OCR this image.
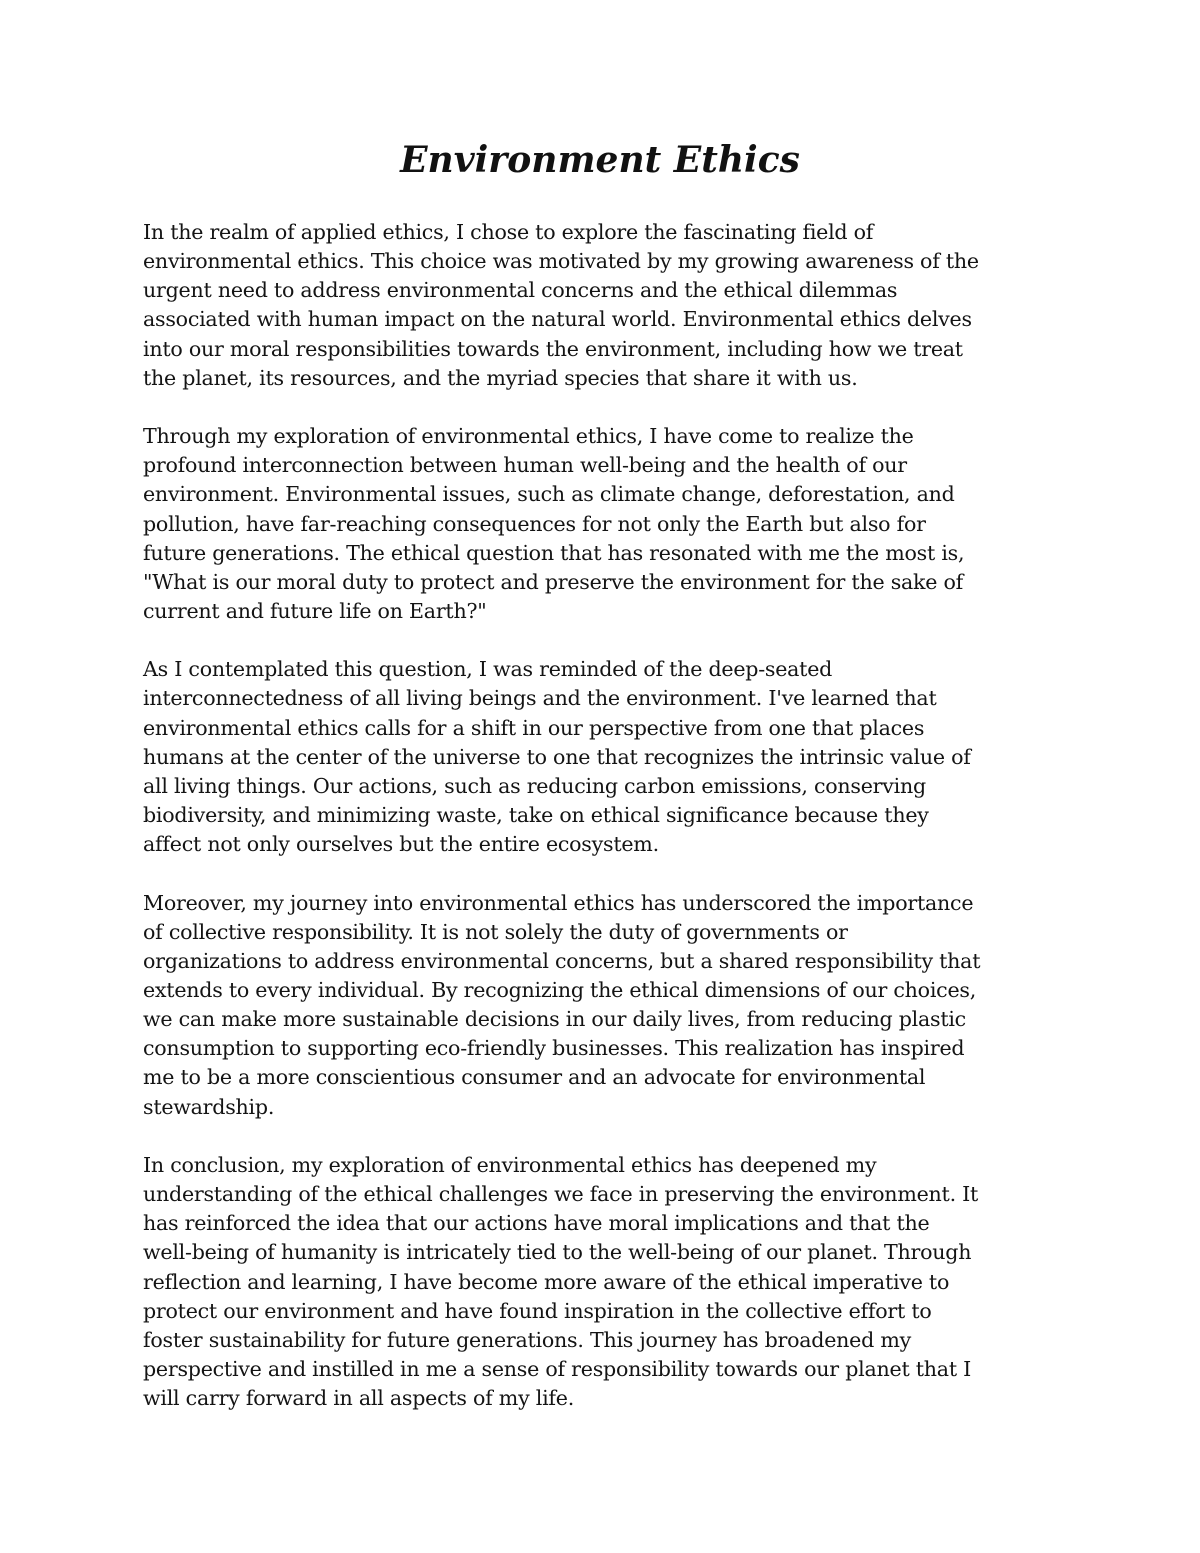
Environment Ethics

In the realm of applied ethics, I chose to explore the fascinating field of
environmental ethics. This choice was motivated by my growing awareness of the
urgent need to address environmental concerns and the ethical dilemmas
associated with human impact on the natural world. Environmental ethics delves
into our moral responsibilities towards the environment, including how we treat
the planet, its resources, and the myriad species that share it with us.

Through my exploration of environmental ethics, I have come to realize the
profound interconnection between human well-being and the health of our
environment. Environmental issues, such as climate change, deforestation, and
pollution, have far-reaching consequences for not only the Earth but also for
future generations. The ethical question that has resonated with me the most is,
"What is our moral duty to protect and preserve the environment for the sake of
current and future life on Earth?"

As I contemplated this question, I was reminded of the deep-seated
interconnectedness of all living beings and the environment. I've learned that
environmental ethics calls for a shift in our perspective from one that places
humans at the center of the universe to one that recognizes the intrinsic value of
all living things. Our actions, such as reducing carbon emissions, conserving
biodiversity, and minimizing waste, take on ethical significance because they
affect not only ourselves but the entire ecosystem.

Moreover, my journey into environmental ethics has underscored the importance
of collective responsibility. It is not solely the duty of governments or
organizations to address environmental concerns, but a shared responsibility that
extends to every individual. By recognizing the ethical dimensions of our choices,
we can make more sustainable decisions in our daily lives, from reducing plastic
consumption to supporting eco-friendly businesses. This realization has inspired
me to be a more conscientious consumer and an advocate for environmental
stewardship.

In conclusion, my exploration of environmental ethics has deepened my
understanding of the ethical challenges we face in preserving the environment. It
has reinforced the idea that our actions have moral implications and that the
well-being of humanity is intricately tied to the well-being of our planet. Through
reflection and learning, I have become more aware of the ethical imperative to
protect our environment and have found inspiration in the collective effort to
foster sustainability for future generations. This journey has broadened my
perspective and instilled in me a sense of responsibility towards our planet that I
will carry forward in all aspects of my life.
